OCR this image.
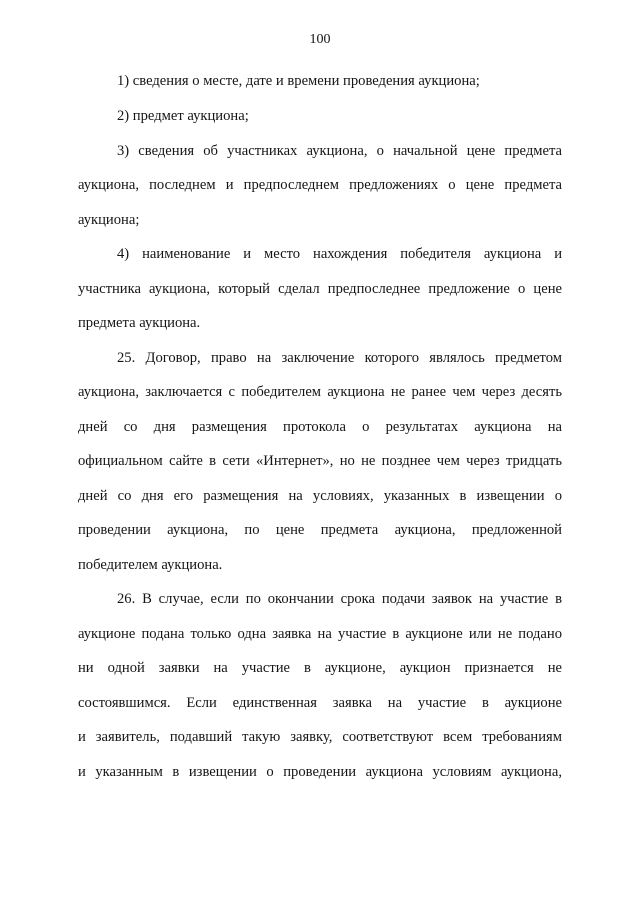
100
1) сведения о месте, дате и времени проведения аукциона;
2) предмет аукциона;
3) сведения об участниках аукциона, о начальной цене предмета
аукциона, последнем и предпоследнем предложениях о цене предмета
аукциона;
4) наименование и место нахождения победителя аукциона и
участника аукциона, который сделал предпоследнее предложение о цене
предмета аукциона.
25. Договор, право на заключение которого являлось предметом
аукциона, заключается с победителем аукциона не ранее чем через десять
дней со дня размещения протокола о результатах аукциона на
официальном сайте в сети «Интернет», но не позднее чем через тридцать
дней со дня его размещения на условиях, указанных в извещении о
проведении аукциона, по цене предмета аукциона, предложенной
победителем аукциона.
26. В случае, если по окончании срока подачи заявок на участие в
аукционе подана только одна заявка на участие в аукционе или не подано
ни одной заявки на участие в аукционе, аукцион признается не
состоявшимся. Если единственная заявка на участие в аукционе
и заявитель, подавший такую заявку, соответствуют всем требованиям
и указанным в извещении о проведении аукциона условиям аукциона,
